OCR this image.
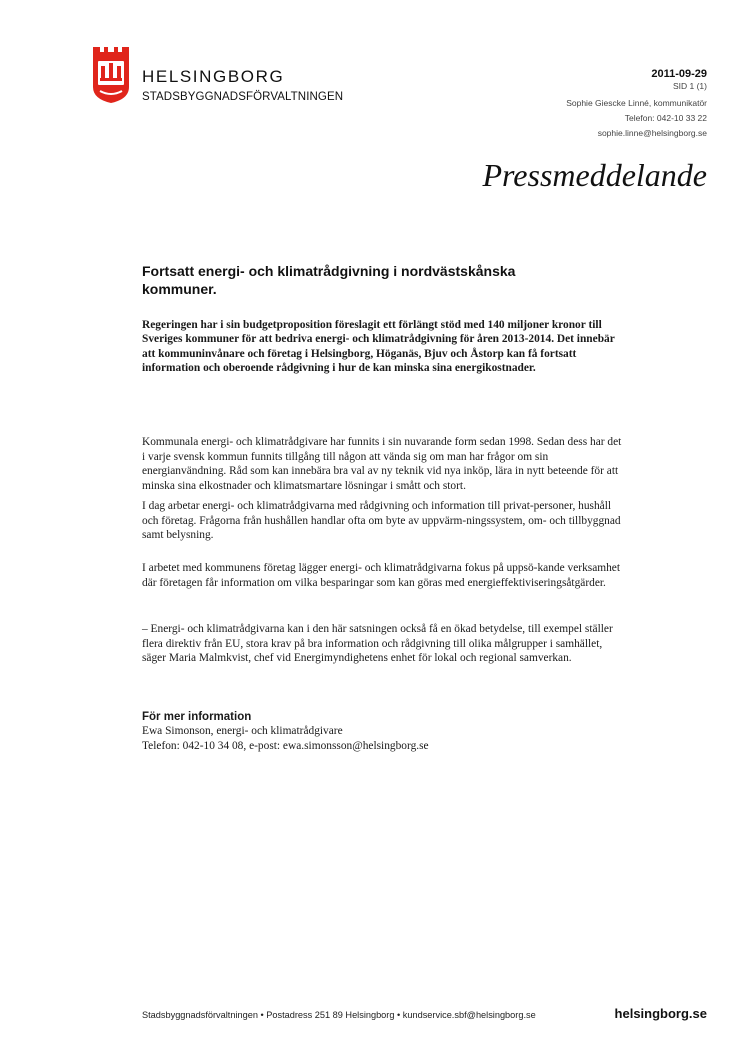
HELSINGBORG
STADSBYGGNADSFÖRVALTNINGEN
2011-09-29
SID 1 (1)
Sophie Giescke Linné, kommunikatör
Telefon: 042-10 33 22
sophie.linne@helsingborg.se
Pressmeddelande
Fortsatt energi- och klimatrådgivning i nordvästskånska kommuner.
Regeringen har i sin budgetproposition föreslagit ett förlängt stöd med 140 miljoner kronor till Sveriges kommuner för att bedriva energi- och klimatrådgivning för åren 2013-2014. Det innebär att kommuninvånare och företag i Helsingborg, Höganäs, Bjuv och Åstorp kan få fortsatt information och oberoende rådgivning i hur de kan minska sina energikostnader.
Kommunala energi- och klimatrådgivare har funnits i sin nuvarande form sedan 1998. Sedan dess har det i varje svensk kommun funnits tillgång till någon att vända sig om man har frågor om sin energianvändning. Råd som kan innebära bra val av ny teknik vid nya inköp, lära in nytt beteende för att minska sina elkostnader och klimatsmartare lösningar i smått och stort.
I dag arbetar energi- och klimatrådgivarna med rådgivning och information till privat-personer, hushåll och företag. Frågorna från hushållen handlar ofta om byte av uppvärm-ningssystem, om- och tillbyggnad samt belysning.
I arbetet med kommunens företag lägger energi- och klimatrådgivarna fokus på uppsö-kande verksamhet där företagen får information om vilka besparingar som kan göras med energieffektiviseringsåtgärder.
– Energi- och klimatrådgivarna kan i den här satsningen också få en ökad betydelse, till exempel ställer flera direktiv från EU, stora krav på bra information och rådgivning till olika målgrupper i samhället, säger Maria Malmkvist, chef vid Energimyndighetens enhet för lokal och regional samverkan.
För mer information
Ewa Simonson, energi- och klimatrådgivare
Telefon: 042-10 34 08, e-post: ewa.simonsson@helsingborg.se
Stadsbyggnadsförvaltningen • Postadress 251 89 Helsingborg • kundservice.sbf@helsingborg.se	helsingborg.se
